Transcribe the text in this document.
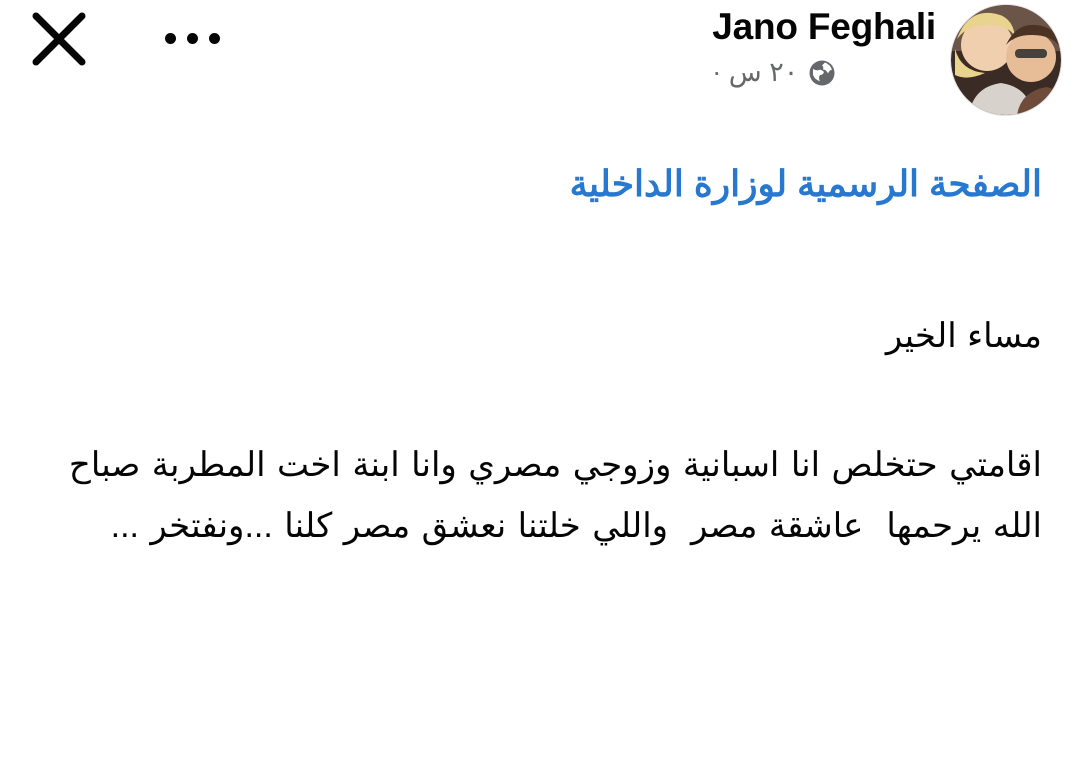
Jano Feghali
٢٠ س ·
الصفحة الرسمية لوزارة الداخلية
مساء الخير
اقامتي حتخلص انا اسبانية وزوجي مصري وانا ابنة اخت المطربة صباح الله يرحمها  عاشقة مصر  واللي خلتنا نعشق مصر كلنا ...ونفتخر ...
